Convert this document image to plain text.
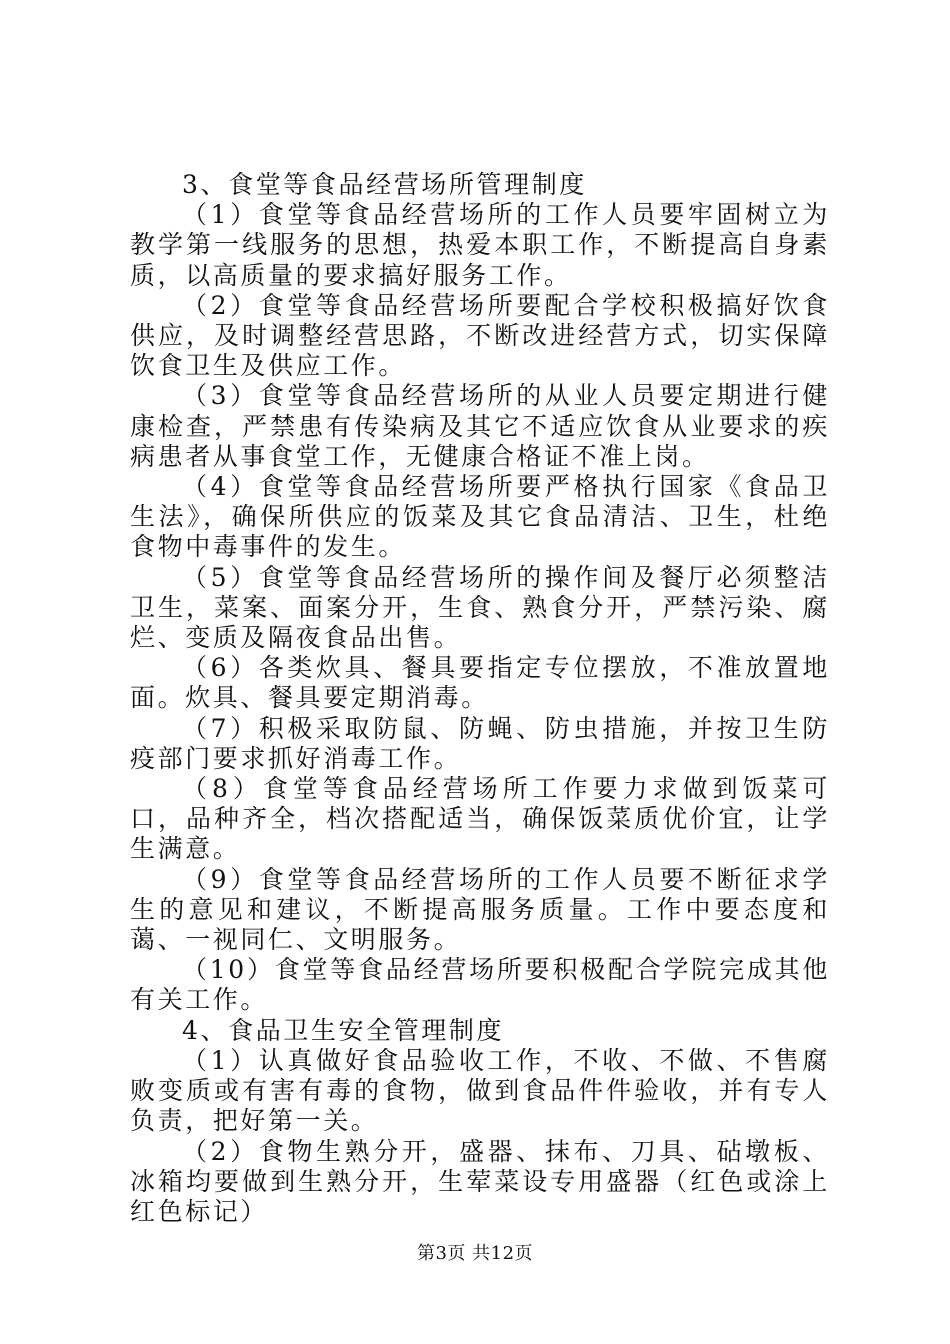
3、食堂等食品经营场所管理制度

（1）食堂等食品经营场所的工作人员要牢固树立为教学第一线服务的思想，热爱本职工作，不断提高自身素质，以高质量的要求搞好服务工作。

（2）食堂等食品经营场所要配合学校积极搞好饮食供应，及时调整经营思路，不断改进经营方式，切实保障饮食卫生及供应工作。

（3）食堂等食品经营场所的从业人员要定期进行健康检查，严禁患有传染病及其它不适应饮食从业要求的疾病患者从事食堂工作，无健康合格证不准上岗。

（4）食堂等食品经营场所要严格执行国家《食品卫生法》，确保所供应的饭菜及其它食品清洁、卫生，杜绝食物中毒事件的发生。

（5）食堂等食品经营场所的操作间及餐厅必须整洁卫生，菜案、面案分开，生食、熟食分开，严禁污染、腐烂、变质及隔夜食品出售。

（6）各类炊具、餐具要指定专位摆放，不准放置地面。炊具、餐具要定期消毒。

（7）积极采取防鼠、防蝇、防虫措施，并按卫生防疫部门要求抓好消毒工作。

（8）食堂等食品经营场所工作要力求做到饭菜可口，品种齐全，档次搭配适当，确保饭菜质优价宜，让学生满意。

（9）食堂等食品经营场所的工作人员要不断征求学生的意见和建议，不断提高服务质量。工作中要态度和蔼、一视同仁、文明服务。

（10）食堂等食品经营场所要积极配合学院完成其他有关工作。

4、食品卫生安全管理制度

（1）认真做好食品验收工作，不收、不做、不售腐败变质或有害有毒的食物，做到食品件件验收，并有专人负责，把好第一关。

（2）食物生熟分开，盛器、抹布、刀具、砧墩板、冰箱均要做到生熟分开，生荤菜设专用盛器（红色或涂上红色标记）

第3页 共12页
